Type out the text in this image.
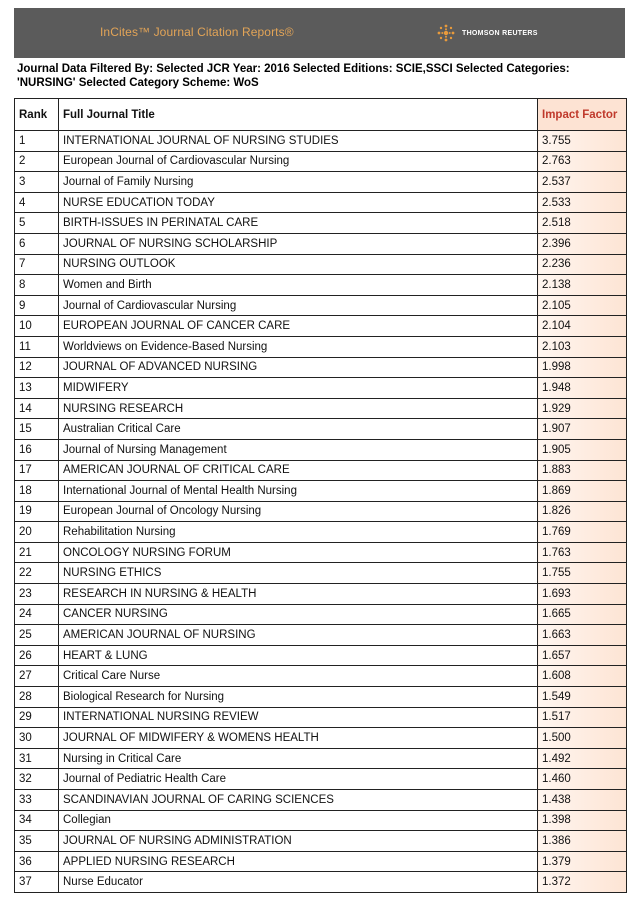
InCites™ Journal Citation Reports®	THOMSON REUTERS
Journal Data Filtered By: Selected JCR Year: 2016 Selected Editions: SCIE,SSCI Selected Categories: 'NURSING' Selected Category Scheme: WoS
Rank	Full Journal Title	Impact Factor
1	INTERNATIONAL JOURNAL OF NURSING STUDIES	3.755
2	European Journal of Cardiovascular Nursing	2.763
3	Journal of Family Nursing	2.537
4	NURSE EDUCATION TODAY	2.533
5	BIRTH-ISSUES IN PERINATAL CARE	2.518
6	JOURNAL OF NURSING SCHOLARSHIP	2.396
7	NURSING OUTLOOK	2.236
8	Women and Birth	2.138
9	Journal of Cardiovascular Nursing	2.105
10	EUROPEAN JOURNAL OF CANCER CARE	2.104
11	Worldviews on Evidence-Based Nursing	2.103
12	JOURNAL OF ADVANCED NURSING	1.998
13	MIDWIFERY	1.948
14	NURSING RESEARCH	1.929
15	Australian Critical Care	1.907
16	Journal of Nursing Management	1.905
17	AMERICAN JOURNAL OF CRITICAL CARE	1.883
18	International Journal of Mental Health Nursing	1.869
19	European Journal of Oncology Nursing	1.826
20	Rehabilitation Nursing	1.769
21	ONCOLOGY NURSING FORUM	1.763
22	NURSING ETHICS	1.755
23	RESEARCH IN NURSING & HEALTH	1.693
24	CANCER NURSING	1.665
25	AMERICAN JOURNAL OF NURSING	1.663
26	HEART & LUNG	1.657
27	Critical Care Nurse	1.608
28	Biological Research for Nursing	1.549
29	INTERNATIONAL NURSING REVIEW	1.517
30	JOURNAL OF MIDWIFERY & WOMENS HEALTH	1.500
31	Nursing in Critical Care	1.492
32	Journal of Pediatric Health Care	1.460
33	SCANDINAVIAN JOURNAL OF CARING SCIENCES	1.438
34	Collegian	1.398
35	JOURNAL OF NURSING ADMINISTRATION	1.386
36	APPLIED NURSING RESEARCH	1.379
37	Nurse Educator	1.372
